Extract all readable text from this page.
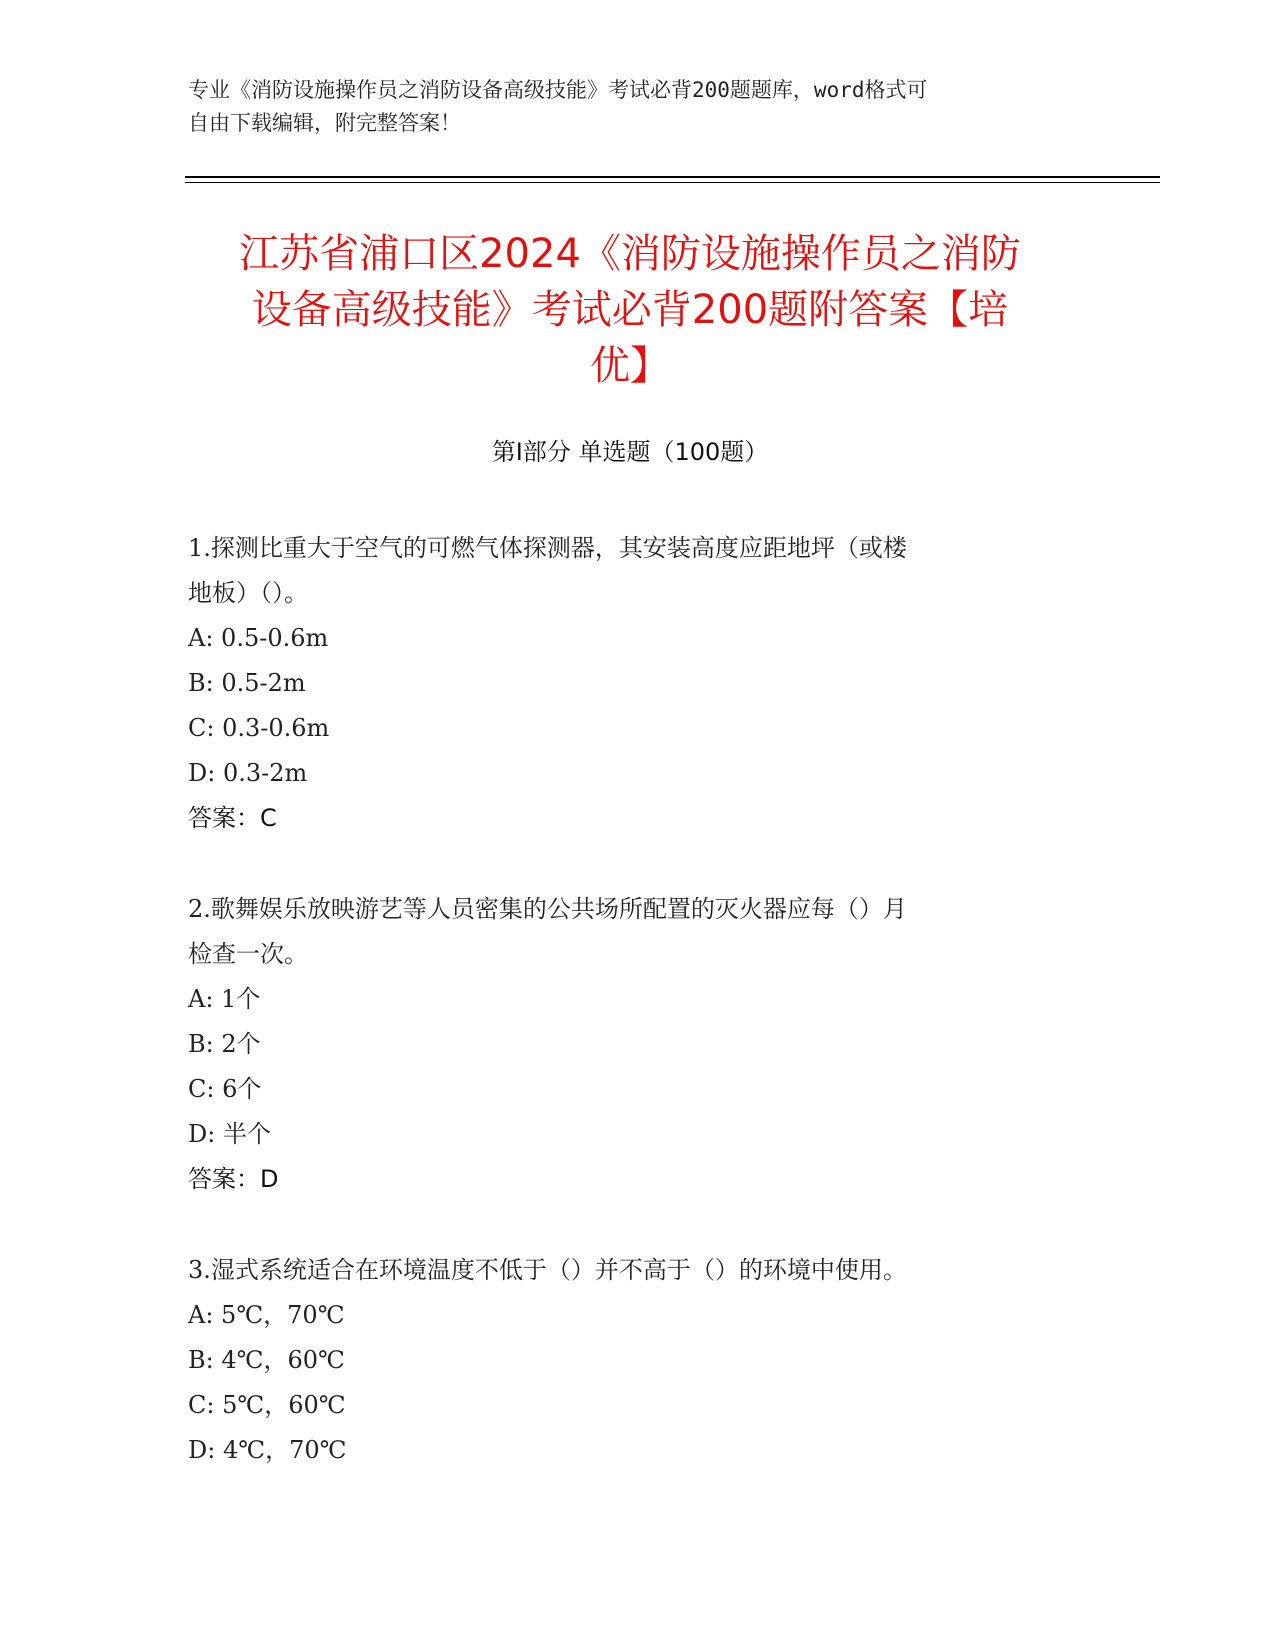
专业《消防设施操作员之消防设备高级技能》考试必背200题题库，word格式可
自由下载编辑，附完整答案！
江苏省浦口区2024《消防设施操作员之消防
设备高级技能》考试必背200题附答案【培
优】
第Ⅰ部分 单选题（100题）

1.探测比重大于空气的可燃气体探测器，其安装高度应距地坪（或楼

地板）（）。

A: 0.5-0.6m

B: 0.5-2m

C: 0.3-0.6m

D: 0.3-2m

答案：C

2.歌舞娱乐放映游艺等人员密集的公共场所配置的灭火器应每（）月

检查一次。

A: 1个

B: 2个

C: 6个

D: 半个

答案：D

3.湿式系统适合在环境温度不低于（）并不高于（）的环境中使用。

A: 5℃，70℃

B: 4℃，60℃

C: 5℃，60℃

D: 4℃，70℃
